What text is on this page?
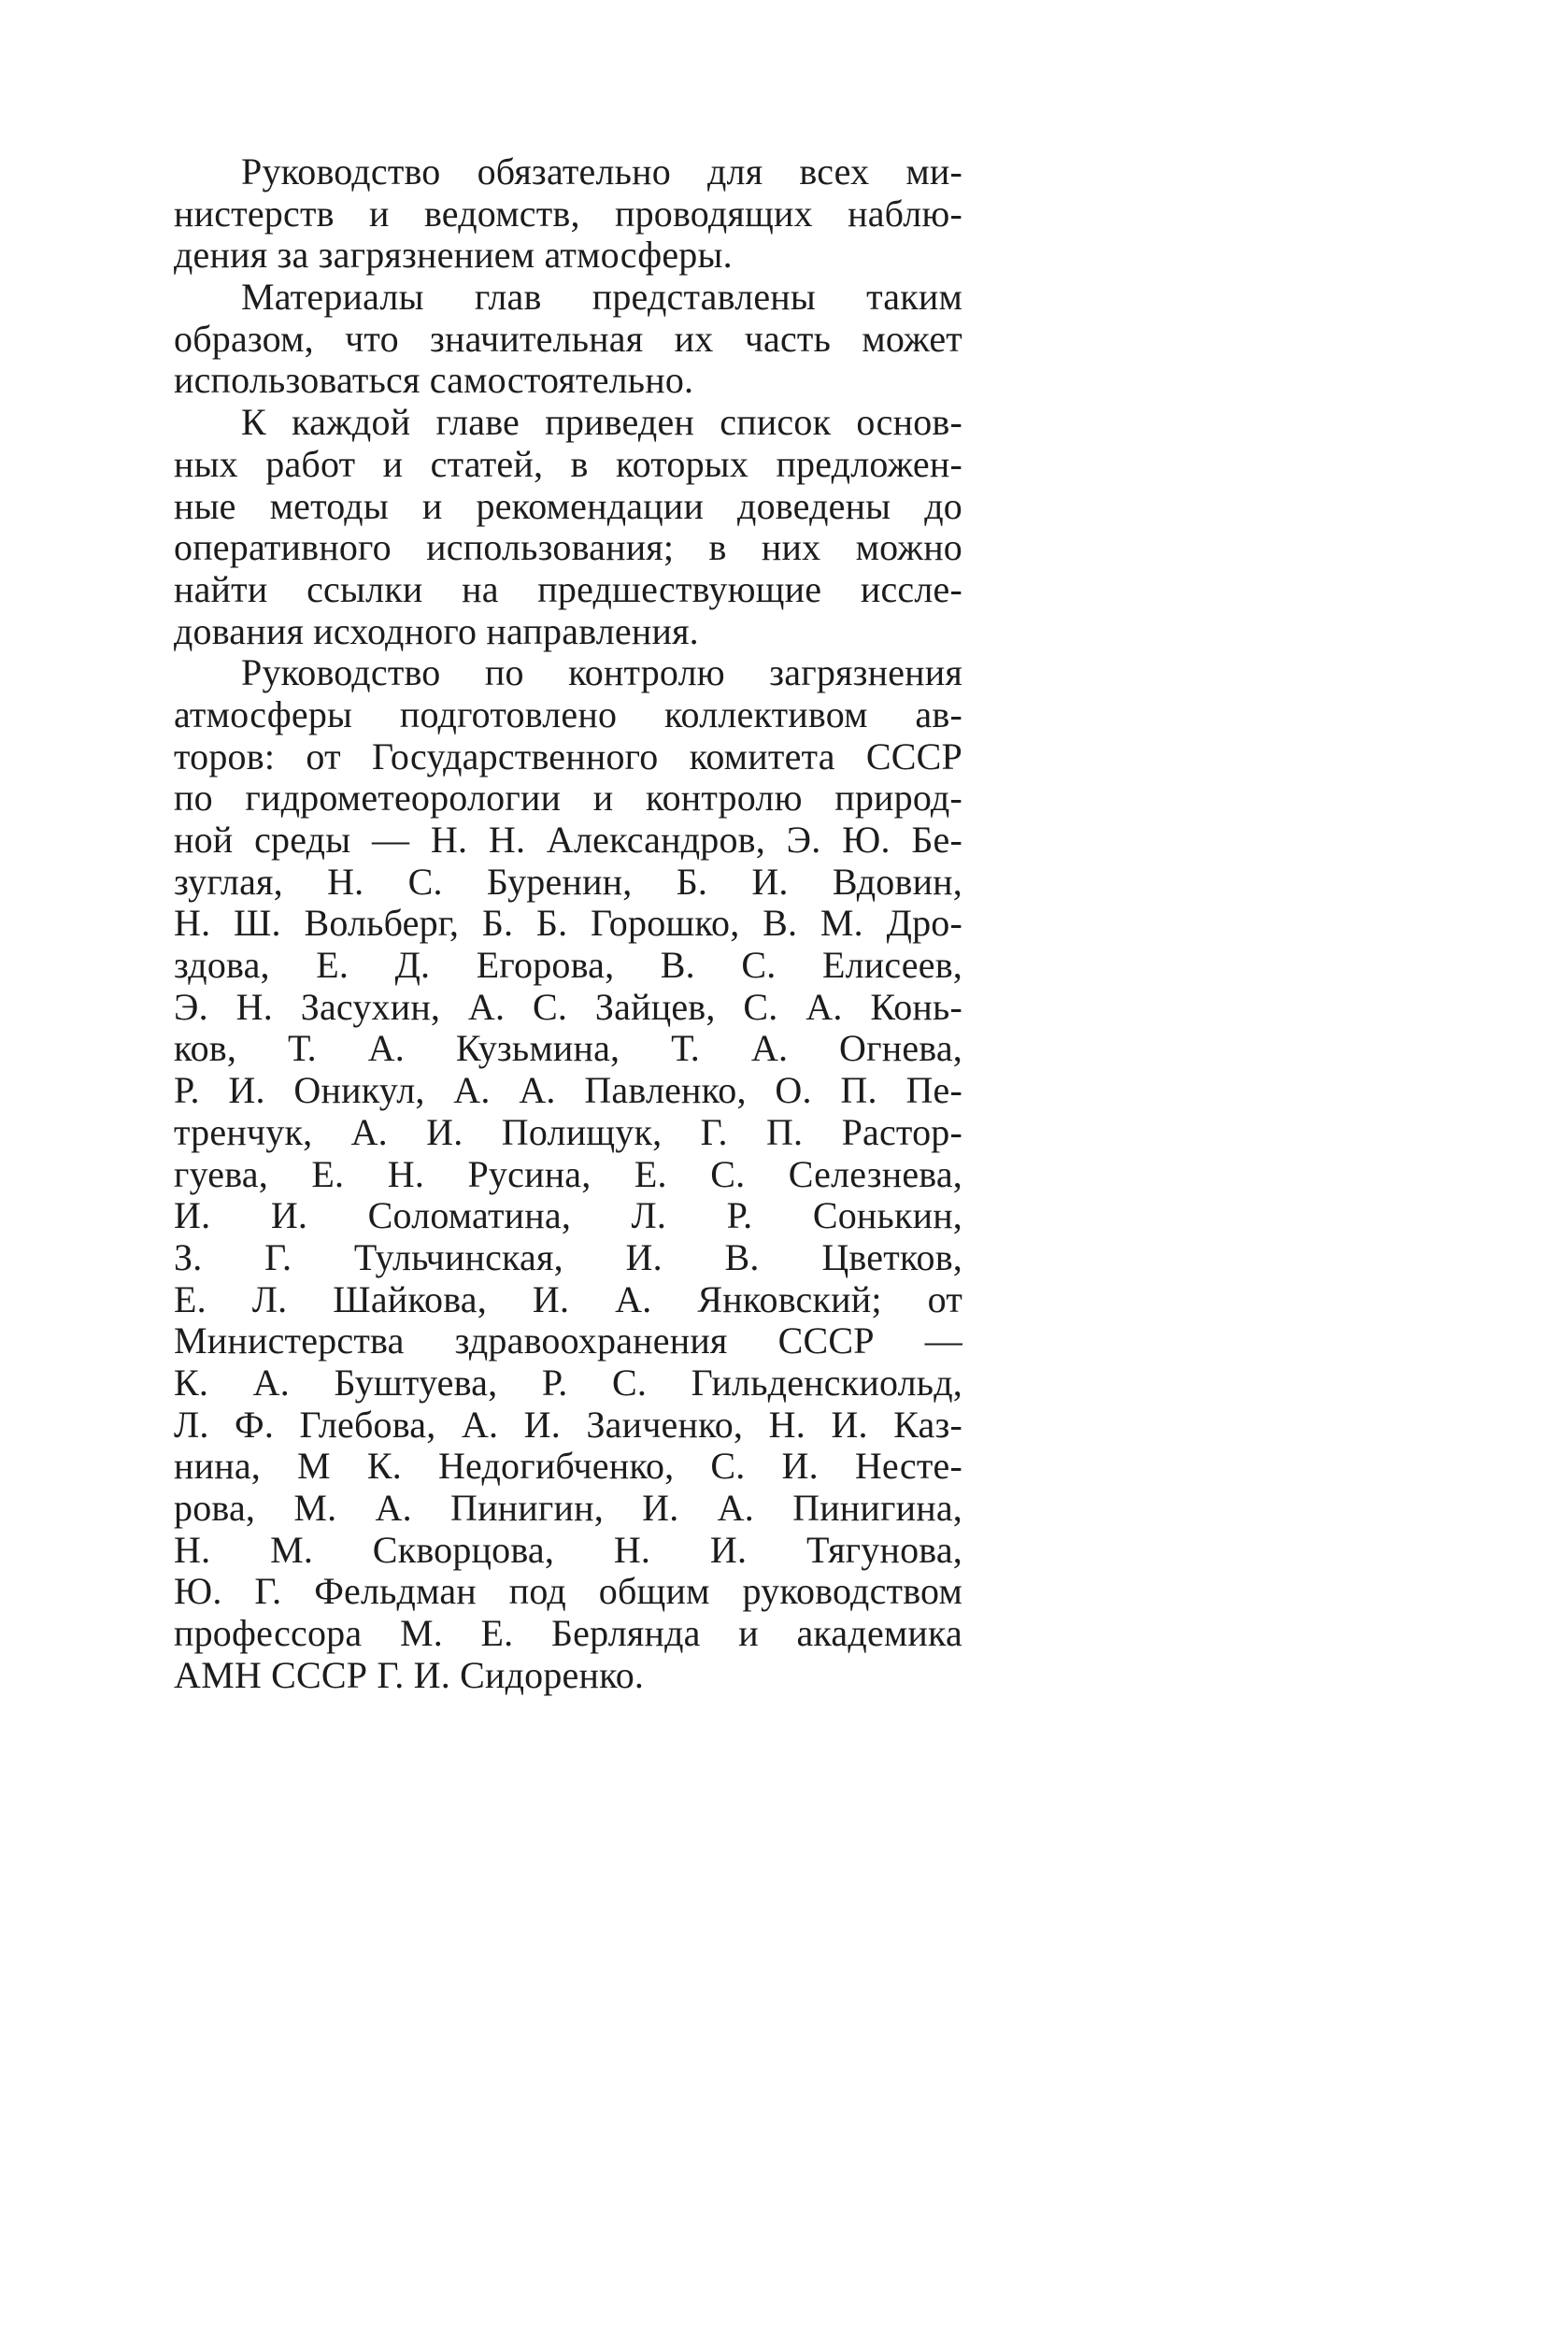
Руководство обязательно для всех ми-
нистерств и ведомств, проводящих наблю-
дения за загрязнением атмосферы.
Материалы глав представлены таким
образом, что значительная их часть может
использоваться самостоятельно.
К каждой главе приведен список основ-
ных работ и статей, в которых предложен-
ные методы и рекомендации доведены до
оперативного использования; в них можно
найти ссылки на предшествующие иссле-
дования исходного направления.
Руководство по контролю загрязнения
атмосферы подготовлено коллективом ав-
торов: от Государственного комитета СССР
по гидрометеорологии и контролю природ-
ной среды — Н. Н. Александров, Э. Ю. Бе-
зуглая, Н. С. Буренин, Б. И. Вдовин,
Н. Ш. Вольберг, Б. Б. Горошко, В. М. Дро-
здова, Е. Д. Егорова, В. С. Елисеев,
Э. Н. Засухин, А. С. Зайцев, С. А. Конь-
ков, Т. А. Кузьмина, Т. А. Огнева,
Р. И. Оникул, А. А. Павленко, О. П. Пе-
тренчук, А. И. Полищук, Г. П. Растор-
гуева, Е. Н. Русина, Е. С. Селезнева,
И. И. Соломатина, Л. Р. Сонькин,
З. Г. Тульчинская, И. В. Цветков,
Е. Л. Шайкова, И. А. Янковский; от
Министерства здравоохранения СССР —
К. А. Буштуева, Р. С. Гильденскиольд,
Л. Ф. Глебова, А. И. Заиченко, Н. И. Каз-
нина, М К. Недогибченко, С. И. Несте-
рова, М. А. Пинигин, И. А. Пинигина,
Н. М. Скворцова, Н. И. Тягунова,
Ю. Г. Фельдман под общим руководством
профессора М. Е. Берлянда и академика
АМН СССР Г. И. Сидоренко.
